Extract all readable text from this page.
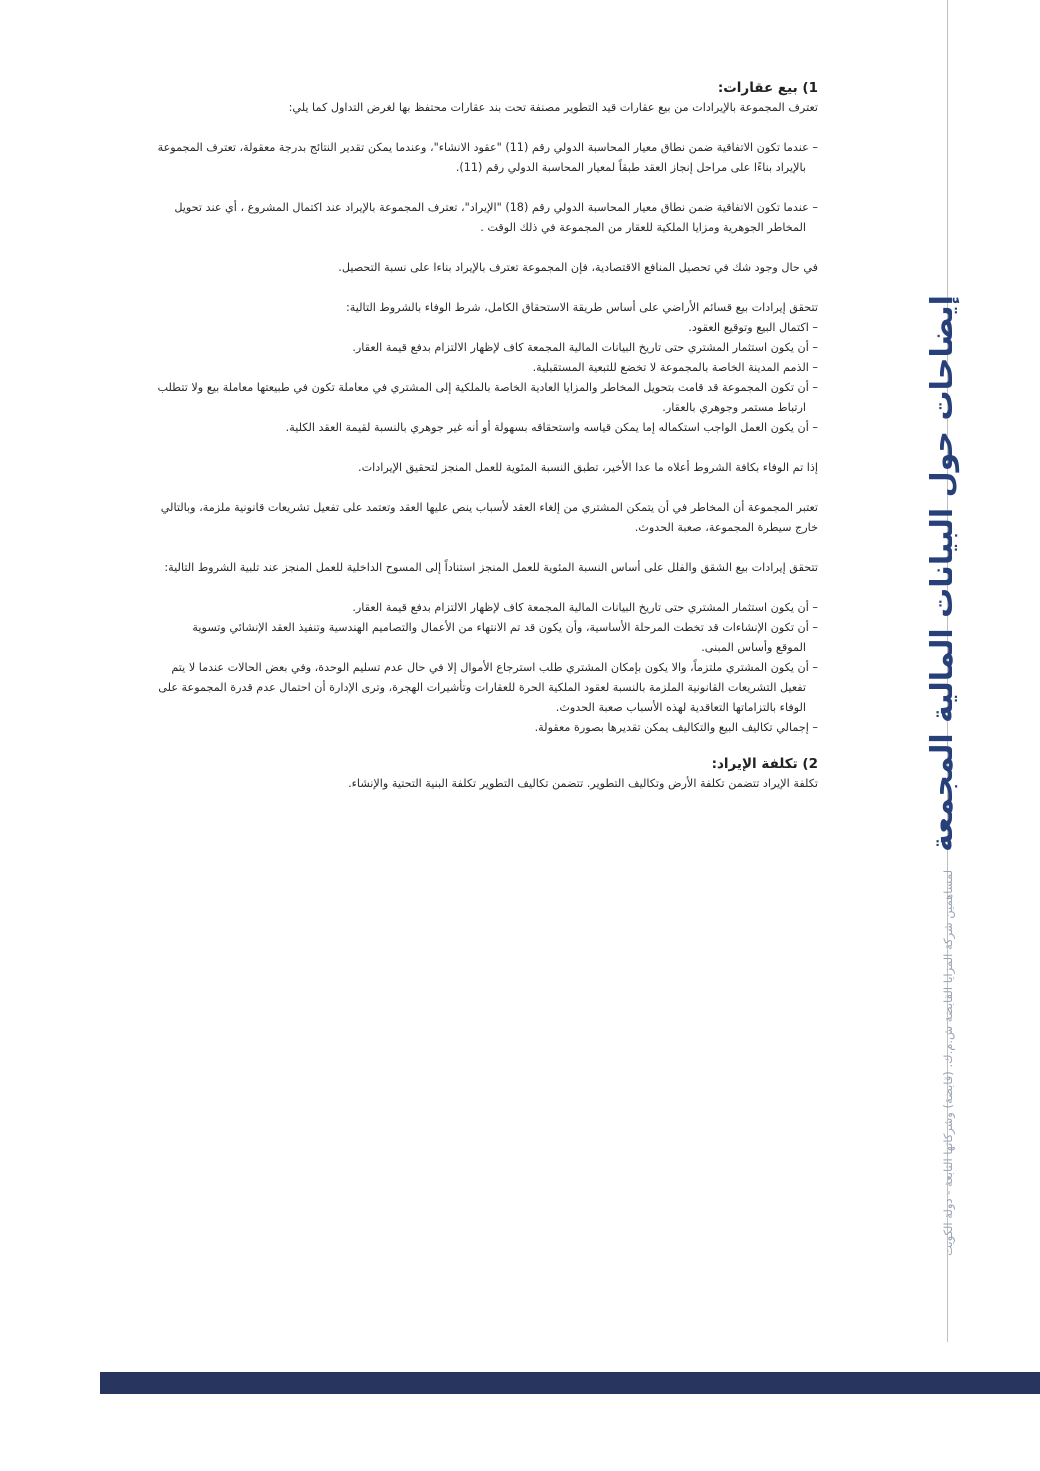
1) بيع عقارات:

تعترف المجموعة بالإيرادات من بيع عقارات قيد التطوير مصنفة تحت بند عقارات محتفظ بها لغرض التداول كما يلي:

– عندما تكون الاتفاقية ضمن نطاق معيار المحاسبة الدولي رقم (11) "عقود الانشاء"، وعندما يمكن تقدير النتائج بدرجة معقولة، تعترف المجموعة

بالإيراد بناءًا على مراحل إنجاز العقد طبقاً لمعيار المحاسبة الدولي رقم (11).

– عندما تكون الاتفاقية ضمن نطاق معيار المحاسبة الدولي رقم (18) "الإيراد"، تعترف المجموعة بالإيراد عند اكتمال المشروع ، أي عند تحويل

المخاطر الجوهرية ومزايا الملكية للعقار من المجموعة في ذلك الوقت .

في حال وجود شك في تحصيل المنافع الاقتصادية، فإن المجموعة تعترف بالإيراد بناءا على نسبة التحصيل.

تتحقق إيرادات بيع قسائم الأراضي على أساس طريقة الاستحقاق الكامل، شرط الوفاء بالشروط التالية:

– اكتمال البيع وتوقيع العقود.

– أن يكون استثمار المشتري حتى تاريخ البيانات المالية المجمعة كاف لإظهار الالتزام بدفع قيمة العقار.

– الذمم المدينة الخاصة بالمجموعة لا تخضع للتبعية المستقبلية.

– أن تكون المجموعة قد قامت بتحويل المخاطر والمزايا العادية الخاصة بالملكية إلى المشتري في معاملة تكون في طبيعتها معاملة بيع ولا تتطلب

ارتباط مستمر وجوهري بالعقار.

– أن يكون العمل الواجب استكماله إما يمكن قياسه واستحقاقه بسهولة أو أنه غير جوهري بالنسبة لقيمة العقد الكلية.

إذا تم الوفاء بكافة الشروط أعلاه ما عدا الأخير، تطبق النسبة المئوية للعمل المنجز لتحقيق الإيرادات.

تعتبر المجموعة أن المخاطر في أن يتمكن المشتري من إلغاء العقد لأسباب ينص عليها العقد وتعتمد على تفعيل تشريعات قانونية ملزمة، وبالتالي

خارج سيطرة المجموعة، صعبة الحدوث.

تتحقق إيرادات بيع الشقق والفلل على أساس النسبة المئوية للعمل المنجز استناداً إلى المسوح الداخلية للعمل المنجز عند تلبية الشروط التالية:

– أن يكون استثمار المشتري حتى تاريخ البيانات المالية المجمعة كاف لإظهار الالتزام بدفع قيمة العقار.

– أن تكون الإنشاءات قد تخطت المرحلة الأساسية، وأن يكون قد تم الانتهاء من الأعمال والتصاميم الهندسية وتنفيذ العقد الإنشائي وتسوية

الموقع وأساس المبنى.

– أن يكون المشتري ملتزماً، والا يكون بإمكان المشتري طلب استرجاع الأموال إلا في حال عدم تسليم الوحدة، وفي بعض الحالات عندما لا يتم

تفعيل التشريعات القانونية الملزمة بالنسبة لعقود الملكية الحرة للعقارات وتأشيرات الهجرة، وترى الإدارة أن احتمال عدم قدرة المجموعة على

الوفاء بالتزاماتها التعاقدية لهذه الأسباب صعبة الحدوث.

– إجمالي تكاليف البيع والتكاليف يمكن تقديرها بصورة معقولة.

2) تكلفة الإيراد:

تكلفة الإيراد تتضمن تكلفة الأرض وتكاليف التطوير. تتضمن تكاليف التطوير تكلفة البنية التحتية والإنشاء.	إيضاحات حول البيانات المالية المجمعة
لمساهمين شركة المزايا القابضة ش.م.ك. (قابضة) وشركاتها التابعة - دولة الكويت
